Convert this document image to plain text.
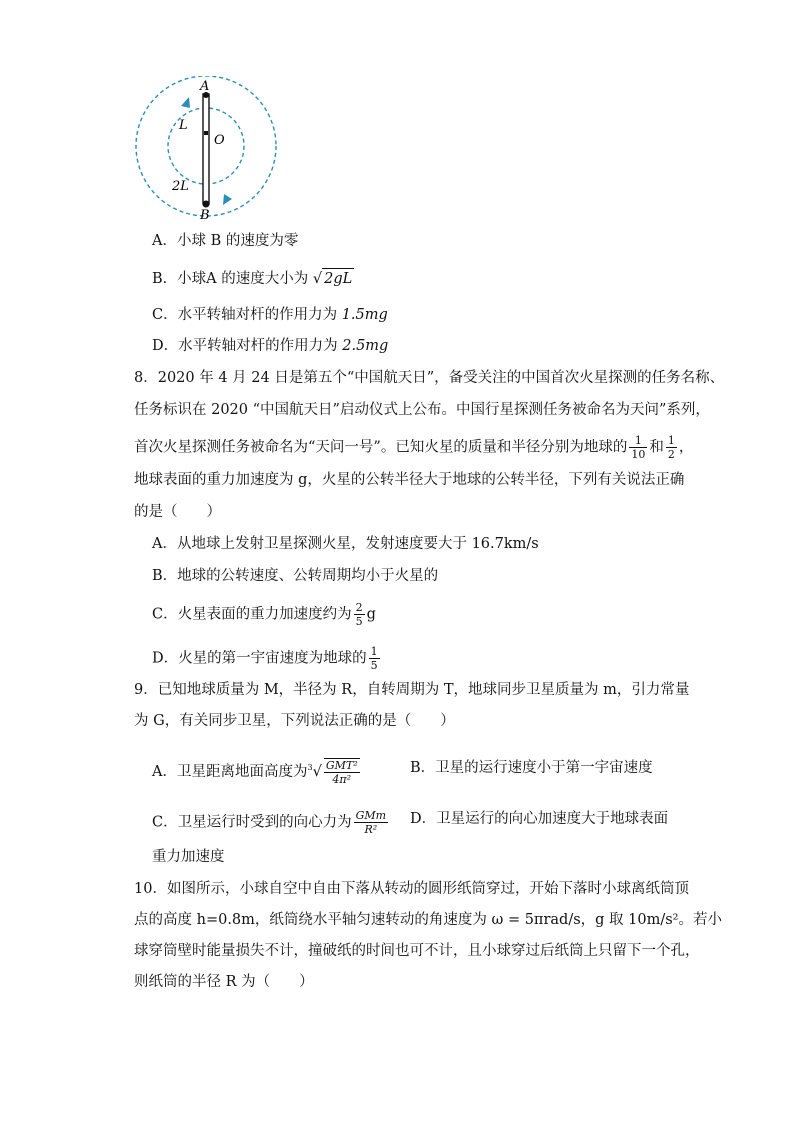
A
B
O
L
2L
A．小球 B 的速度为零
B．小球A 的速度大小为 √ 2gL
C．水平转轴对杆的作用力为 1.5mg
D．水平转轴对杆的作用力为 2.5mg
8．2020 年 4 月 24 日是第五个“中国航天日”，备受关注的中国首次火星探测的任务名称、
任务标识在 2020 “中国航天日”启动仪式上公布。中国行星探测任务被命名为天问”系列，
首次火星探测任务被命名为“天问一号”。已知火星的质量和半径分别为地球的 $\frac{1}{10}$ 和 $\frac{1}{2}$ ，
地球表面的重力加速度为 g，火星的公转半径大于地球的公转半径，下列有关说法正确
的是（　　）
A．从地球上发射卫星探测火星，发射速度要大于 16.7km/s
B．地球的公转速度、公转周期均小于火星的
C．火星表面的重力加速度约为 $\frac{2}{5}$ g
D．火星的第一宇宙速度为地球的 $\frac{1}{5}$
9．已知地球质量为 M，半径为 R，自转周期为 T，地球同步卫星质量为 m，引力常量
为 G，有关同步卫星，下列说法正确的是（　　）
A．卫星距离地面高度为$^3√ \frac{\text{GMT²}}{\text{4π²}}$	B．卫星的运行速度小于第一宇宙速度
C．卫星运行时受到的向心力为 $\frac{\text{GMm}}{\text{R²}}$ D．卫星运行的向心加速度大于地球表面
重力加速度
10．如图所示，小球自空中自由下落从转动的圆形纸筒穿过，开始下落时小球离纸筒顶
点的高度 h=0.8m，纸筒绕水平轴匀速转动的角速度为 ω = 5πrad/s，g 取 10m/s²。若小
球穿筒壁时能量损失不计，撞破纸的时间也可不计，且小球穿过后纸筒上只留下一个孔，
则纸筒的半径 R 为（　　）
